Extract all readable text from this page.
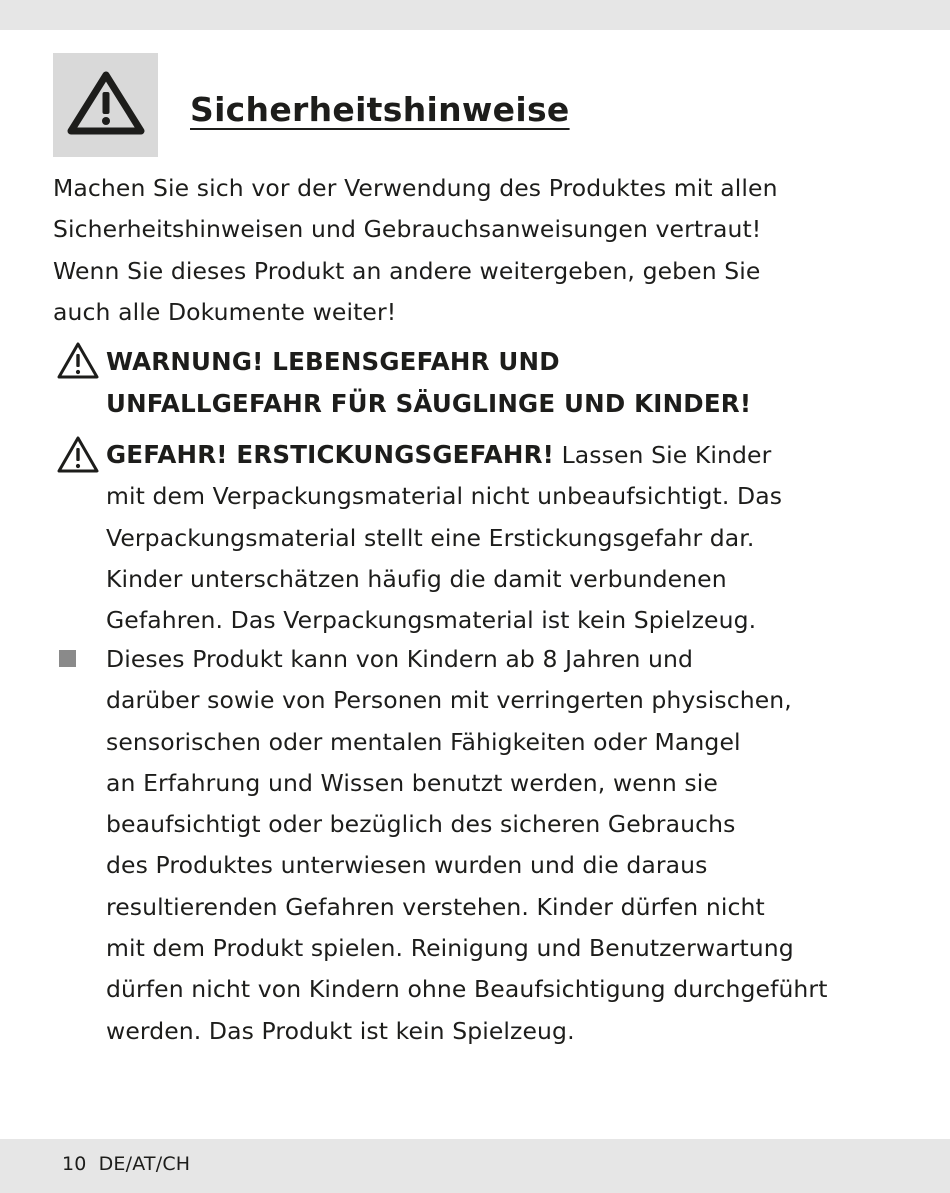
Sicherheitshinweise

Machen Sie sich vor der Verwendung des Produktes mit allen
Sicherheitshinweisen und Gebrauchsanweisungen vertraut!
Wenn Sie dieses Produkt an andere weitergeben, geben Sie
auch alle Dokumente weiter!

WARNUNG! LEBENSGEFAHR UND
UNFALLGEFAHR FÜR SÄUGLINGE UND KINDER!

GEFAHR! ERSTICKUNGSGEFAHR! Lassen Sie Kinder
mit dem Verpackungsmaterial nicht unbeaufsichtigt. Das
Verpackungsmaterial stellt eine Erstickungsgefahr dar.
Kinder unterschätzen häufig die damit verbundenen
Gefahren. Das Verpackungsmaterial ist kein Spielzeug.

Dieses Produkt kann von Kindern ab 8 Jahren und
darüber sowie von Personen mit verringerten physischen,
sensorischen oder mentalen Fähigkeiten oder Mangel
an Erfahrung und Wissen benutzt werden, wenn sie
beaufsichtigt oder bezüglich des sicheren Gebrauchs
des Produktes unterwiesen wurden und die daraus
resultierenden Gefahren verstehen. Kinder dürfen nicht
mit dem Produkt spielen. Reinigung und Benutzerwartung
dürfen nicht von Kindern ohne Beaufsichtigung durchgeführt
werden. Das Produkt ist kein Spielzeug.

10 DE/AT/CH
